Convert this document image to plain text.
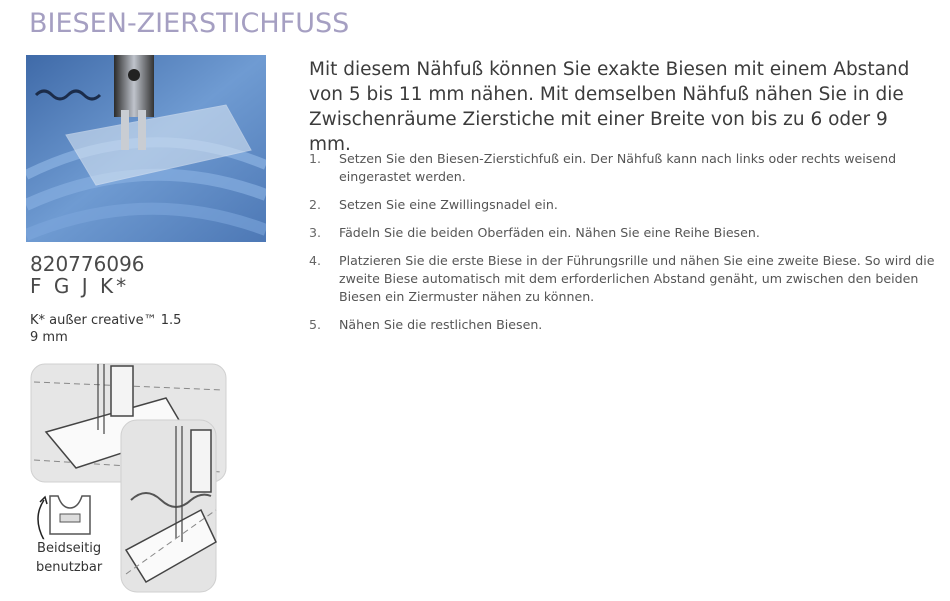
BIESEN-ZIERSTICHFUSS
820776096
F G J K*
K* außer creative™ 1.5
9 mm
Beidseitig
benutzbar
Mit diesem Nähfuß können Sie exakte Biesen mit einem Abstand von 5 bis 11 mm nähen. Mit demselben Nähfuß nähen Sie in die Zwischenräume Zierstiche mit einer Breite von bis zu 6 oder 9 mm.
1.	Setzen Sie den Biesen-Zierstichfuß ein. Der Nähfuß kann nach links oder rechts weisend eingerastet werden.
2.	Setzen Sie eine Zwillingsnadel ein.
3.	Fädeln Sie die beiden Oberfäden ein. Nähen Sie eine Reihe Biesen.
4.	Platzieren Sie die erste Biese in der Führungsrille und nähen Sie eine zweite Biese. So wird die zweite Biese automatisch mit dem erforderlichen Abstand genäht, um zwischen den beiden Biesen ein Ziermuster nähen zu können.
5.	Nähen Sie die restlichen Biesen.
